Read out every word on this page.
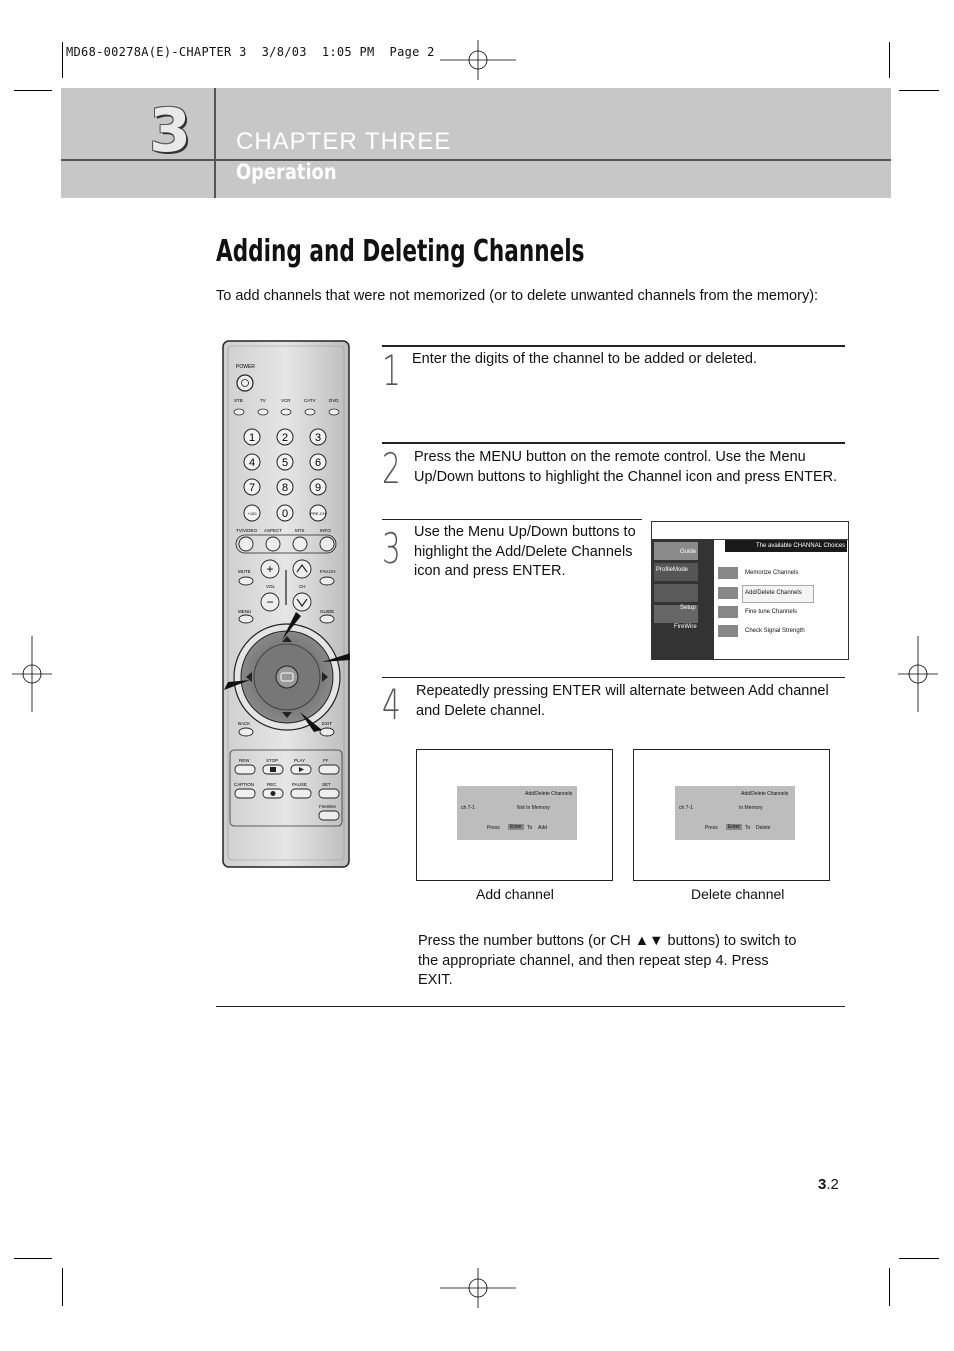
MD68-00278A(E)-CHAPTER 3  3/8/03  1:05 PM  Page 2
3	CHAPTER THREE
Operation
Adding and Deleting Channels
To add channels that were not memorized (or to delete unwanted channels from the memory):
POWER
STB	TV	VCR	CATV	DVD
1 2 3
4 5 6
7 8 9
+100 0	PRE-CH
TV/VIDEO ASPECT	MTS	INFO
MUTE	FAV.CH
VOL	CH
MENU	GUIDE
BACK	EXIT
+
−
REW	STOP	PLAY	FF
CAPTION	REC	PAUSE	SET
FireWire
1 Enter the digits of the channel to be added or deleted.
2 Press the MENU button on the remote control. Use the Menu Up/Down buttons to highlight the Channel icon and press ENTER.
3 Use the Menu Up/Down buttons to highlight the Add/Delete Channels icon and press ENTER.
The available CHANNAL Choices
Guide
ProfileMode
Setup
FireWire
Memorize Channels
Add/Delete Channels
Fine tune Channels
Check Signal Strength
4 Repeatedly pressing ENTER will alternate between Add channel and Delete channel.
Add/Delete Channels
ch 7-1	Not In Memory
Press	Enter	To Add
Add channel
Add/Delete Channels
ch 7-1	In Memory
Press	Enter	To Delete
Delete channel
Press the number buttons (or CH ▲▼ buttons) to switch to the appropriate channel, and then repeat step 4. Press EXIT.
3.2
